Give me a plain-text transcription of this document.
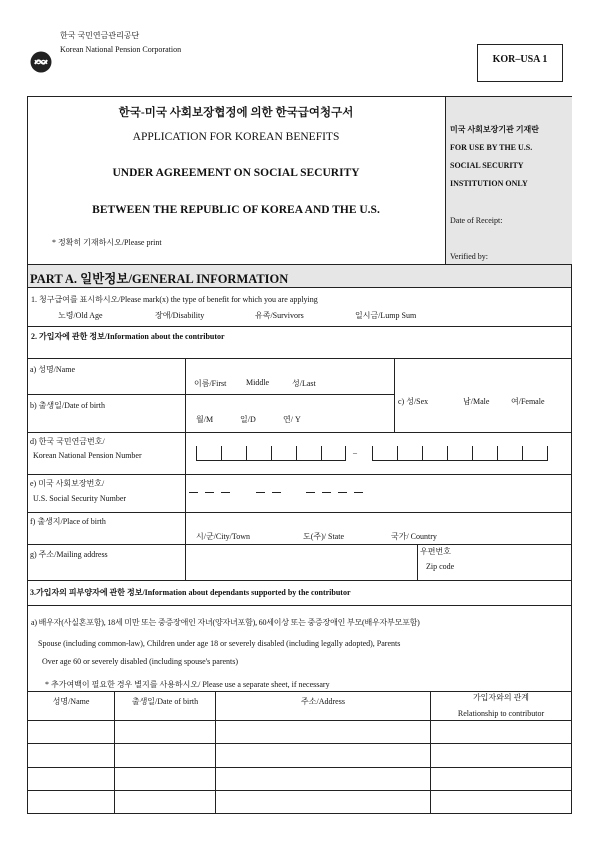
한국 국민연금관리공단
Korean National Pension Corporation
KOR–USA 1
한국-미국 사회보장협정에 의한 한국급여청구서
APPLICATION FOR KOREAN BENEFITS
UNDER AGREEMENT ON SOCIAL SECURITY
BETWEEN THE REPUBLIC OF KOREA AND THE U.S.
* 정확히 기재하시오/Please print
미국 사회보장기관 기재란
FOR USE BY THE U.S.
SOCIAL SECURITY
INSTITUTION ONLY
Date of Receipt:
Verified by:
PART A. 일반정보/GENERAL INFORMATION
1. 청구급여를 표시하시오/Please mark(x) the type of benefit for which you are applying
노령/Old Age	장애/Disability	유족/Survivors	일시금/Lump Sum
2. 가입자에 관한 정보/Information about the contributor
a) 성명/Name
이름/First Middle	성/Last
b) 출생일/Date of birth
월/M	일/D	연/ Y
c) 성/Sex	남/Male	여/Female
d) 한국 국민연금번호/
Korean National Pension Number	–
e) 미국 사회보장번호/
U.S. Social Security Number
f) 출생지/Place of birth
시/군/City/Town	도(주)/ State	국가/ Country
g) 주소/Mailing address	우편번호
Zip code
3.가입자의 피부양자에 관한 정보/Information about dependants supported by the contributor
a) 배우자(사실혼포함), 18세 미만 또는 중증장애인 자녀(양자녀포함), 60세이상 또는 중증장애인 부모(배우자부모포함)
Spouse (including common-law), Children under age 18 or severely disabled (including legally adopted), Parents
Over age 60 or severely disabled (including spouse's parents)
* 추가여백이 필요한 경우 별지를 사용하시오/ Please use a separate sheet, if necessary
성명/Name	출생일/Date of birth	주소/Address	가입자와의 관계
Relationship to contributor
